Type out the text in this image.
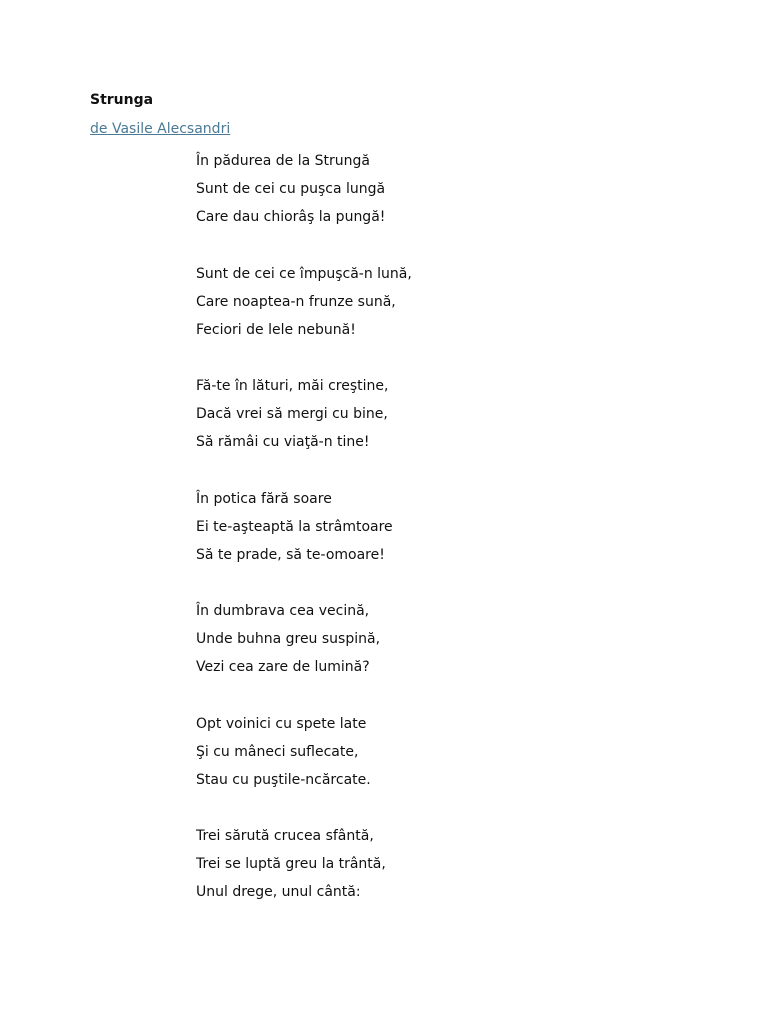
Strunga
de Vasile Alecsandri
În pădurea de la Strungă
Sunt de cei cu puşca lungă
Care dau chiorâş la pungă!
Sunt de cei ce împuşcă-n lună,
Care noaptea-n frunze sună,
Feciori de lele nebună!
Fă-te în lături, măi creştine,
Dacă vrei să mergi cu bine,
Să rămâi cu viaţă-n tine!
În potica fără soare
Ei te-aşteaptă la strâmtoare
Să te prade, să te-omoare!
În dumbrava cea vecină,
Unde buhna greu suspină,
Vezi cea zare de lumină?
Opt voinici cu spete late
Şi cu mâneci suflecate,
Stau cu puştile-ncărcate.
Trei sărută crucea sfântă,
Trei se luptă greu la trântă,
Unul drege, unul cântă:
